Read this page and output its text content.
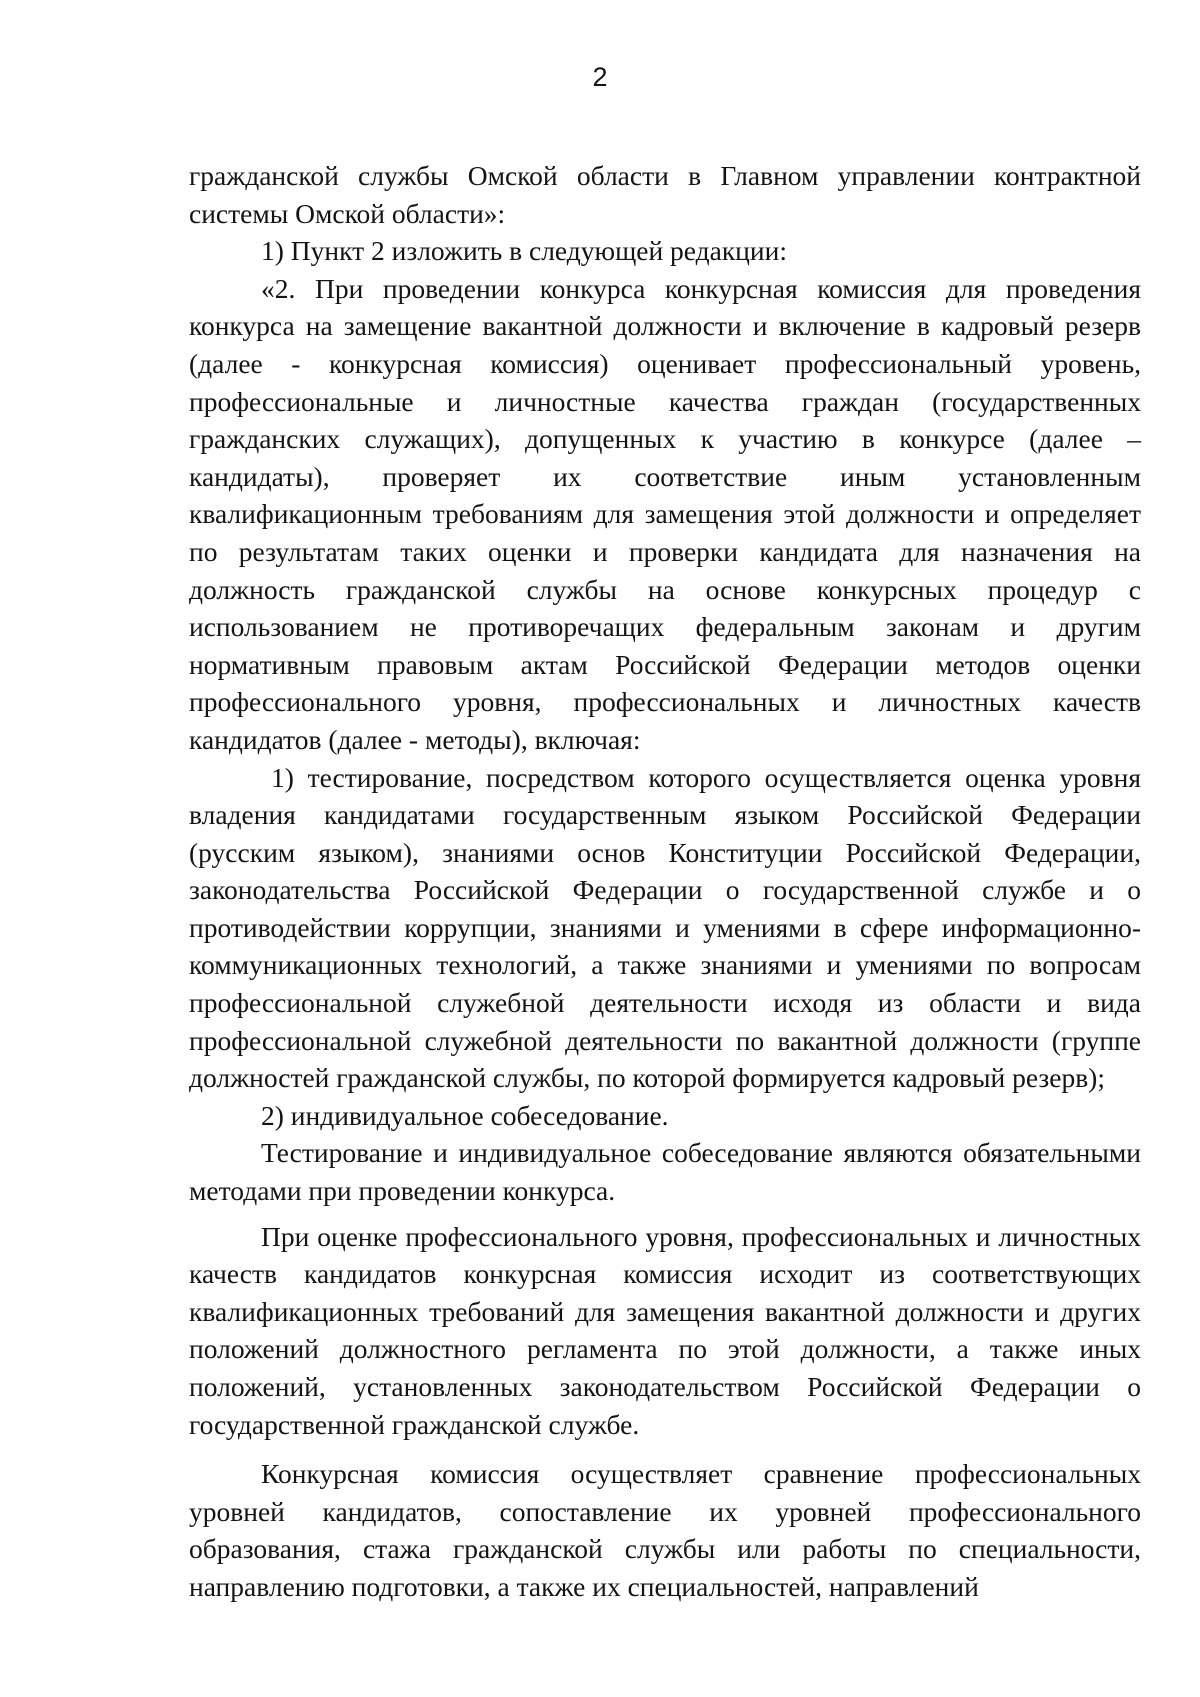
2

гражданской службы Омской области в Главном управлении контрактной системы Омской области»:

1) Пункт 2 изложить в следующей редакции:

«2. При проведении конкурса конкурсная комиссия для проведения конкурса на замещение вакантной должности и включение в кадровый резерв (далее - конкурсная комиссия) оценивает профессиональный уровень, профессиональные и личностные качества граждан (государственных гражданских служащих), допущенных к участию в конкурсе (далее – кандидаты), проверяет их соответствие иным установленным квалификационным требованиям для замещения этой должности и определяет по результатам таких оценки и проверки кандидата для назначения на должность гражданской службы на основе конкурсных процедур с использованием не противоречащих федеральным законам и другим нормативным правовым актам Российской Федерации методов оценки профессионального уровня, профессиональных и личностных качеств кандидатов (далее - методы), включая:

1) тестирование, посредством которого осуществляется оценка уровня владения кандидатами государственным языком Российской Федерации (русским языком), знаниями основ Конституции Российской Федерации, законодательства Российской Федерации о государственной службе и о противодействии коррупции, знаниями и умениями в сфере информационно-коммуникационных технологий, а также знаниями и умениями по вопросам профессиональной служебной деятельности исходя из области и вида профессиональной служебной деятельности по вакантной должности (группе должностей гражданской службы, по которой формируется кадровый резерв);

2) индивидуальное собеседование.

Тестирование и индивидуальное собеседование являются обязательными методами при проведении конкурса.

При оценке профессионального уровня, профессиональных и личностных качеств кандидатов конкурсная комиссия исходит из соответствующих квалификационных требований для замещения вакантной должности и других положений должностного регламента по этой должности, а также иных положений, установленных законодательством Российской Федерации о государственной гражданской службе.

Конкурсная комиссия осуществляет сравнение профессиональных уровней кандидатов, сопоставление их уровней профессионального образования, стажа гражданской службы или работы по специальности, направлению подготовки, а также их специальностей, направлений
